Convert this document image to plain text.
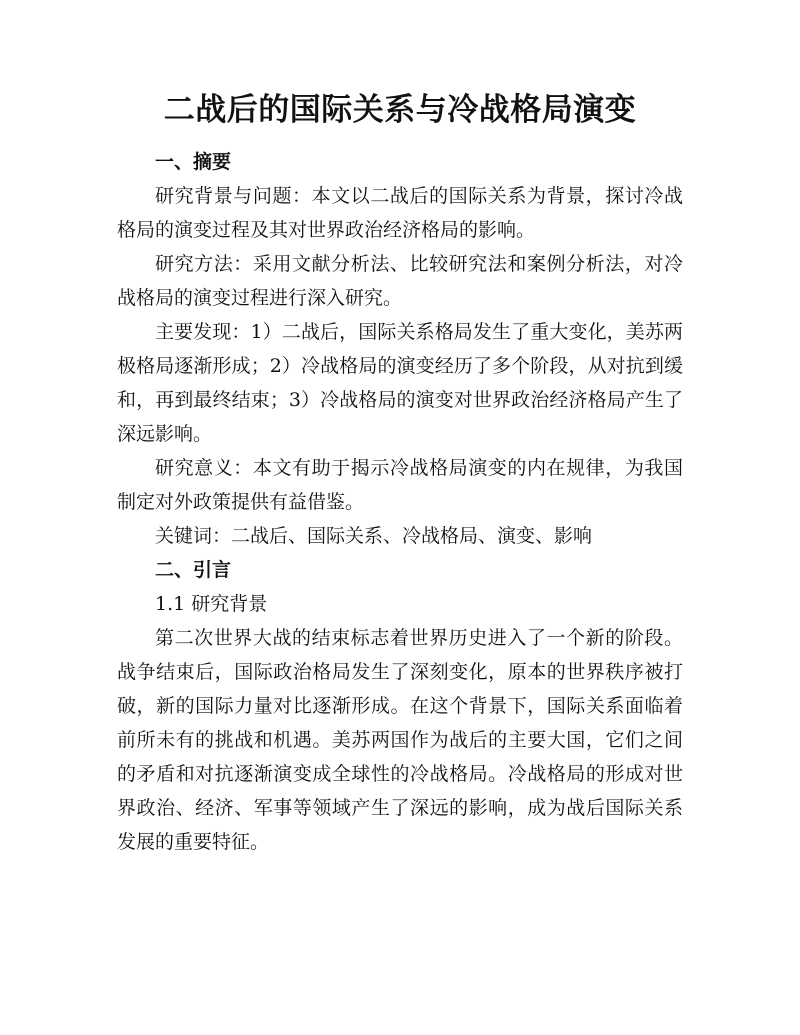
二战后的国际关系与冷战格局演变

一、摘要

研究背景与问题：本文以二战后的国际关系为背景，探讨冷战格局的演变过程及其对世界政治经济格局的影响。

研究方法：采用文献分析法、比较研究法和案例分析法，对冷战格局的演变过程进行深入研究。

主要发现：1）二战后，国际关系格局发生了重大变化，美苏两极格局逐渐形成；2）冷战格局的演变经历了多个阶段，从对抗到缓和，再到最终结束；3）冷战格局的演变对世界政治经济格局产生了深远影响。

研究意义：本文有助于揭示冷战格局演变的内在规律，为我国制定对外政策提供有益借鉴。

关键词：二战后、国际关系、冷战格局、演变、影响

二、引言

1.1 研究背景

第二次世界大战的结束标志着世界历史进入了一个新的阶段。战争结束后，国际政治格局发生了深刻变化，原本的世界秩序被打破，新的国际力量对比逐渐形成。在这个背景下，国际关系面临着前所未有的挑战和机遇。美苏两国作为战后的主要大国，它们之间的矛盾和对抗逐渐演变成全球性的冷战格局。冷战格局的形成对世界政治、经济、军事等领域产生了深远的影响，成为战后国际关系发展的重要特征。
